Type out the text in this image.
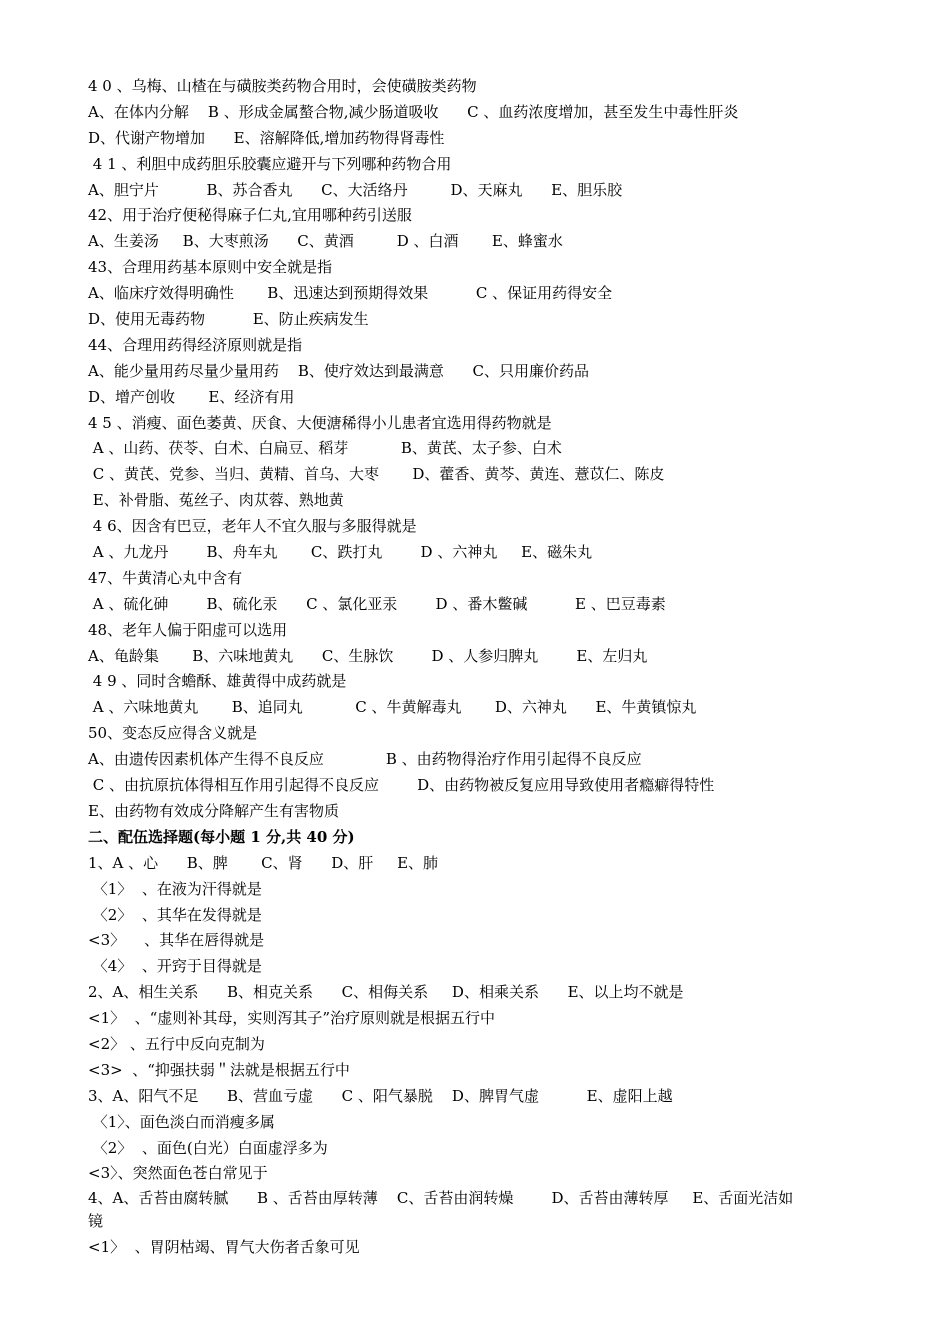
4 0 、乌梅、山楂在与磺胺类药物合用时，会使磺胺类药物
A、在体内分解    B 、形成金属螯合物,减少肠道吸收      C 、血药浓度增加，甚至发生中毒性肝炎
D、代谢产物增加      E、溶解降低,增加药物得肾毒性
4 1 、利胆中成药胆乐胶囊应避开与下列哪种药物合用
A、胆宁片          B、苏合香丸      C、大活络丹         D、天麻丸      E、胆乐胶
42、用于治疗便秘得麻子仁丸,宜用哪种药引送服
A、生姜汤     B、大枣煎汤      C、黄酒         D 、白酒       E、蜂蜜水
43、合理用药基本原则中安全就是指
A、临床疗效得明确性       B、迅速达到预期得效果          C 、保证用药得安全
D、使用无毒药物          E、防止疾病发生
44、合理用药得经济原则就是指
A、能少量用药尽量少量用药    B、使疗效达到最满意      C、只用廉价药品
D、增产创收       E、经济有用
4 5 、消瘦、面色萎黄、厌食、大便溏稀得小儿患者宜选用得药物就是
A 、山药、茯苓、白术、白扁豆、稻芽           B、黄芪、太子参、白术
C 、黄芪、党参、当归、黄精、首乌、大枣       D、藿香、黄芩、黄连、薏苡仁、陈皮
E、补骨脂、菟丝子、肉苁蓉、熟地黄
4 6、因含有巴豆，老年人不宜久服与多服得就是
A 、九龙丹        B、舟车丸       C、跌打丸        D 、六神丸     E、磁朱丸
47、牛黄清心丸中含有
A 、硫化砷        B、硫化汞      C 、氯化亚汞        D 、番木鳖碱          E 、巴豆毒素
48、老年人偏于阳虚可以选用
A、龟龄集       B、六味地黄丸      C、生脉饮        D 、人参归脾丸        E、左归丸
4 9 、同时含蟾酥、雄黄得中成药就是
A 、六味地黄丸       B、追同丸           C 、牛黄解毒丸       D、六神丸      E、牛黄镇惊丸
50、变态反应得含义就是
A、由遗传因素机体产生得不良反应             B 、由药物得治疗作用引起得不良反应
C 、由抗原抗体得相互作用引起得不良反应        D、由药物被反复应用导致使用者瘾癖得特性
E、由药物有效成分降解产生有害物质
二、配伍选择题(每小题 1 分,共 40 分)
1、A 、心      B、脾       C、肾      D、肝     E、肺
〈1〉  、在液为汗得就是
〈2〉  、其华在发得就是
<3〉    、其华在唇得就是
〈4〉  、开窍于目得就是
2、A、相生关系      B、相克关系      C、相侮关系     D、相乘关系      E、以上均不就是
<1〉  、“虚则补其母，实则泻其子”治疗原则就是根据五行中
<2〉 、五行中反向克制为
<3>  、“抑强扶弱＂法就是根据五行中
3、A、阳气不足      B、营血亏虚      C 、阳气暴脱    D、脾胃气虚          E、虚阳上越
〈1〉、面色淡白而消瘦多属
〈2〉  、面色(白光）白面虚浮多为
<3〉、突然面色苍白常见于
4、A、舌苔由腐转腻      B 、舌苔由厚转薄    C、舌苔由润转燥        D、舌苔由薄转厚     E、舌面光洁如
镜
<1〉  、胃阴枯竭、胃气大伤者舌象可见
